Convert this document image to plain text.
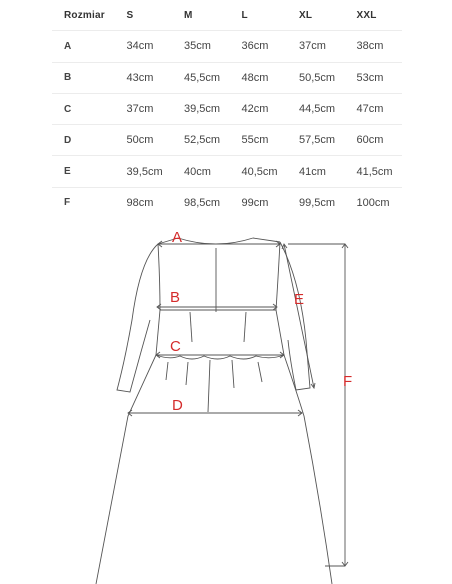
Rozmiar	S	M	L	XL	XXL
A	34cm	35cm	36cm	37cm	38cm
B	43cm	45,5cm	48cm	50,5cm	53cm
C	37cm	39,5cm	42cm	44,5cm	47cm
D	50cm	52,5cm	55cm	57,5cm	60cm
E	39,5cm	40cm	40,5cm	41cm	41,5cm
F	98cm	98,5cm	99cm	99,5cm	100cm
A
B
C
D
E
F
